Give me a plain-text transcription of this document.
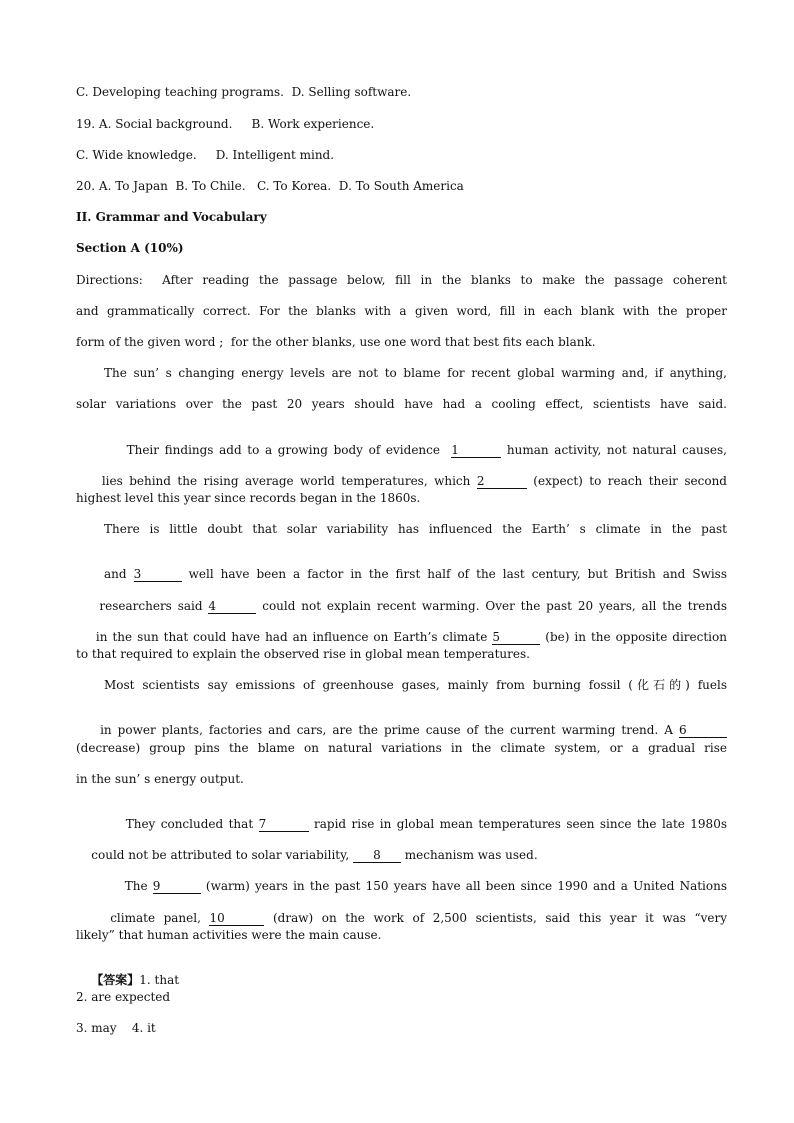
C. Developing teaching programs.  D. Selling software.
19. A. Social background.     B. Work experience.
C. Wide knowledge.     D. Intelligent mind.
20. A. To Japan  B. To Chile.   C. To Korea.  D. To South America
II. Grammar and Vocabulary
Section A (10%)
Directions:  After reading the passage below, fill in the blanks to make the passage coherent
and grammatically correct. For the blanks with a given word, fill in each blank with the proper
form of the given word ;  for the other blanks, use one word that best fits each blank.
The sun’ s changing energy levels are not to blame for recent global warming and, if anything,
solar variations over the past 20 years should have had a cooling effect, scientists have said.

Their findings add to a growing body of evidence  1	human activity, not natural causes,

lies behind the rising average world temperatures, which 2	(expect) to reach their second

highest level this year since records began in the 1860s.
There is little doubt that solar variability has influenced the Earth’ s climate in the past

and 3	well have been a factor in the first half of the last century, but British and Swiss

researchers said 4	could not explain recent warming. Over the past 20 years, all the trends

in the sun that could have had an influence on Earth’s climate 5	(be) in the opposite direction

to that required to explain the observed rise in global mean temperatures.
Most scientists say emissions of greenhouse gases, mainly from burning fossil (化石的) fuels

in power plants, factories and cars, are the prime cause of the current warming trend. A 6

(decrease) group pins the blame on natural variations in the climate system, or a gradual rise
in the sun’ s energy output.

They concluded that 7	rapid rise in global mean temperatures seen since the late 1980s

could not be attributed to solar variability, 8 mechanism was used.

The 9	(warm) years in the past 150 years have all been since 1990 and a United Nations

climate panel, 10	(draw) on the work of 2,500 scientists, said this year it was “very

likely” that human activities were the main cause.

【答案】1. that

2. are expected
3. may    4. it
